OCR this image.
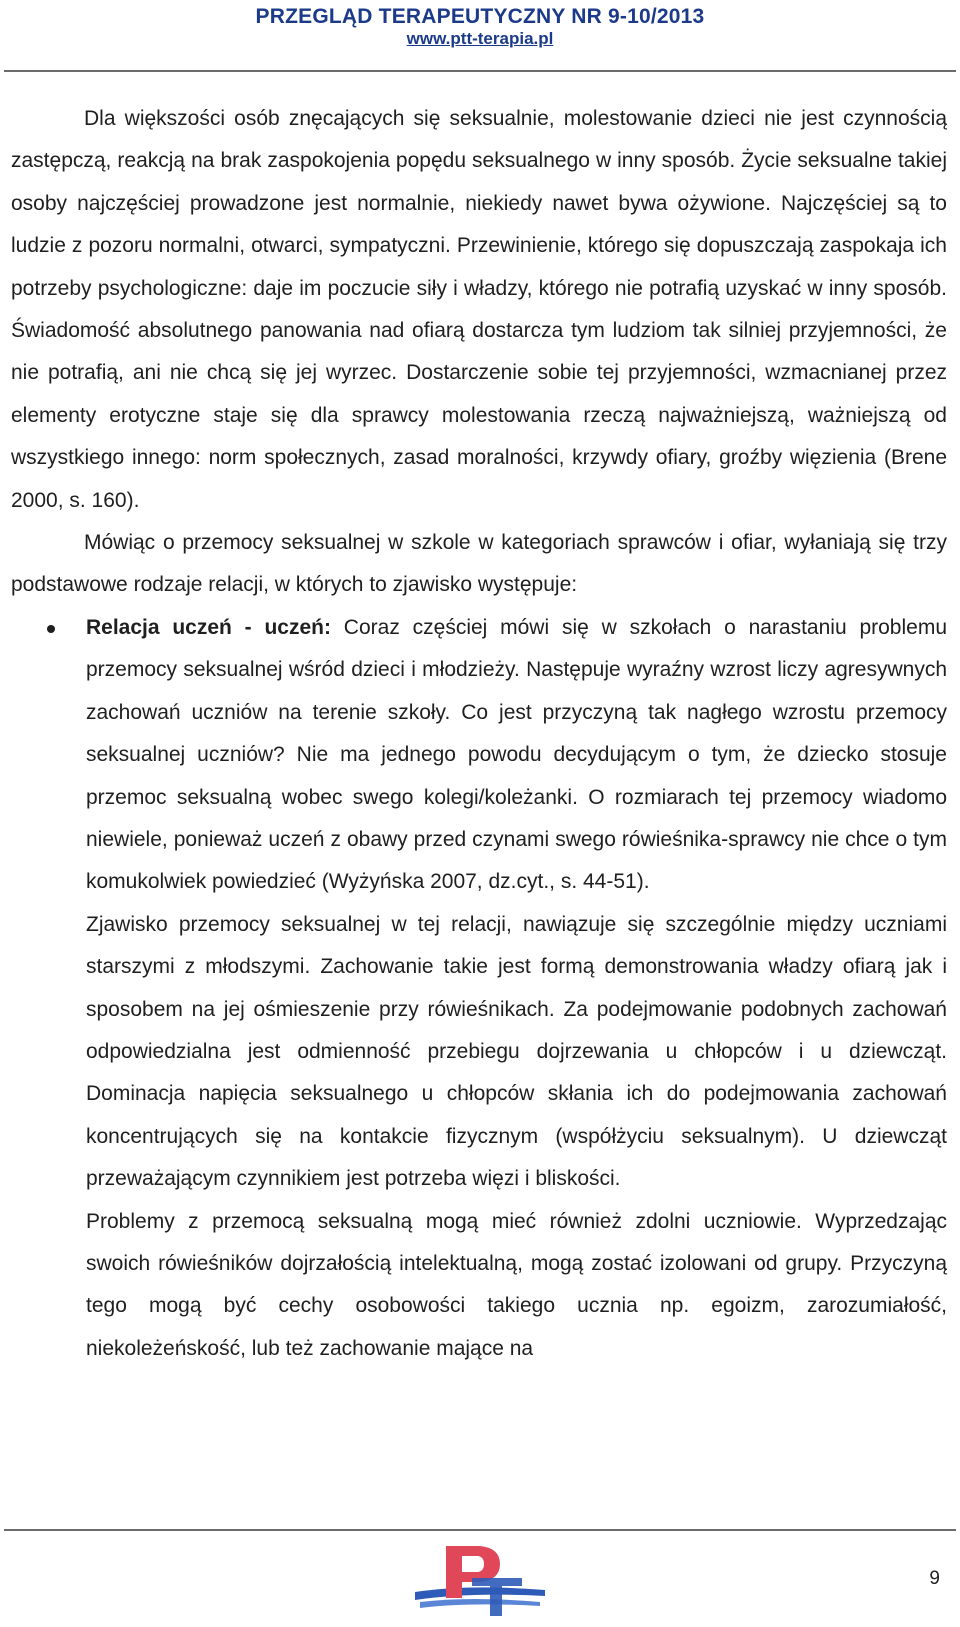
PRZEGLĄD TERAPEUTYCZNY NR 9-10/2013
www.ptt-terapia.pl

Dla większości osób znęcających się seksualnie, molestowanie dzieci nie jest czynnością zastępczą, reakcją na brak zaspokojenia popędu seksualnego w inny sposób. Życie seksualne takiej osoby najczęściej prowadzone jest normalnie, niekiedy nawet bywa ożywione. Najczęściej są to ludzie z pozoru normalni, otwarci, sympatyczni. Przewinienie, którego się dopuszczają zaspokaja ich potrzeby psychologiczne: daje im poczucie siły i władzy, którego nie potrafią uzyskać w inny sposób. Świadomość absolutnego panowania nad ofiarą dostarcza tym ludziom tak silniej przyjemności, że nie potrafią, ani nie chcą się jej wyrzec. Dostarczenie sobie tej przyjemności, wzmacnianej przez elementy erotyczne staje się dla sprawcy molestowania rzeczą najważniejszą, ważniejszą od wszystkiego innego: norm społecznych, zasad moralności, krzywdy ofiary, groźby więzienia (Brene 2000, s. 160).

Mówiąc o przemocy seksualnej w szkole w kategoriach sprawców i ofiar, wyłaniają się trzy podstawowe rodzaje relacji, w których to zjawisko występuje:

Relacja uczeń - uczeń: Coraz częściej mówi się w szkołach o narastaniu problemu przemocy seksualnej wśród dzieci i młodzieży. Następuje wyraźny wzrost liczy agresywnych zachowań uczniów na terenie szkoły. Co jest przyczyną tak nagłego wzrostu przemocy seksualnej uczniów? Nie ma jednego powodu decydującym o tym, że dziecko stosuje przemoc seksualną wobec swego kolegi/koleżanki. O rozmiarach tej przemocy wiadomo niewiele, ponieważ uczeń z obawy przed czynami swego rówieśnika-sprawcy nie chce o tym komukolwiek powiedzieć (Wyżyńska 2007, dz.cyt., s. 44-51).

Zjawisko przemocy seksualnej w tej relacji, nawiązuje się szczególnie między uczniami starszymi z młodszymi. Zachowanie takie jest formą demonstrowania władzy ofiarą jak i sposobem na jej ośmieszenie przy rówieśnikach. Za podejmowanie podobnych zachowań odpowiedzialna jest odmienność przebiegu dojrzewania u chłopców i u dziewcząt. Dominacja napięcia seksualnego u chłopców skłania ich do podejmowania zachowań koncentrujących się na kontakcie fizycznym (współżyciu seksualnym). U dziewcząt przeważającym czynnikiem jest potrzeba więzi i bliskości.

Problemy z przemocą seksualną mogą mieć również zdolni uczniowie. Wyprzedzając swoich rówieśników dojrzałością intelektualną, mogą zostać izolowani od grupy. Przyczyną tego mogą być cechy osobowości takiego ucznia np. egoizm, zarozumiałość, niekoleżeńskość, lub też zachowanie mające na

9
